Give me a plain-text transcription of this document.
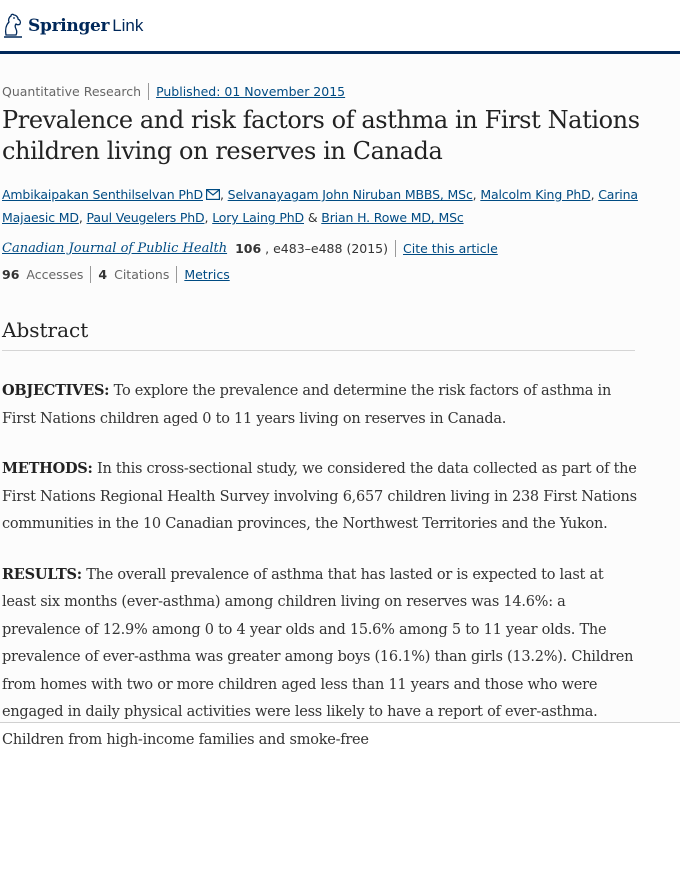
Springer Link
Quantitative Research Published: 01 November 2015
Prevalence and risk factors of asthma in First Nations children living on reserves in Canada
Ambikaipakan Senthilselvan PhD , Selvanayagam John Niruban MBBS, MSc, Malcolm King PhD, Carina Majaesic MD, Paul Veugelers PhD, Lory Laing PhD & Brian H. Rowe MD, MSc
Canadian Journal of Public Health 106 , e483–e488 (2015) Cite this article
96 Accesses 4 Citations Metrics
Abstract

OBJECTIVES: To explore the prevalence and determine the risk factors of asthma in First Nations children aged 0 to 11 years living on reserves in Canada.

METHODS: In this cross-sectional study, we considered the data collected as part of the First Nations Regional Health Survey involving 6,657 children living in 238 First Nations communities in the 10 Canadian provinces, the Northwest Territories and the Yukon.

RESULTS: The overall prevalence of asthma that has lasted or is expected to last at least six months (ever-asthma) among children living on reserves was 14.6%: a prevalence of 12.9% among 0 to 4 year olds and 15.6% among 5 to 11 year olds. The prevalence of ever-asthma was greater among boys (16.1%) than girls (13.2%). Children from homes with two or more children aged less than 11 years and those who were engaged in daily physical activities were less likely to have a report of ever-asthma. Children from high-income families and smoke-free
